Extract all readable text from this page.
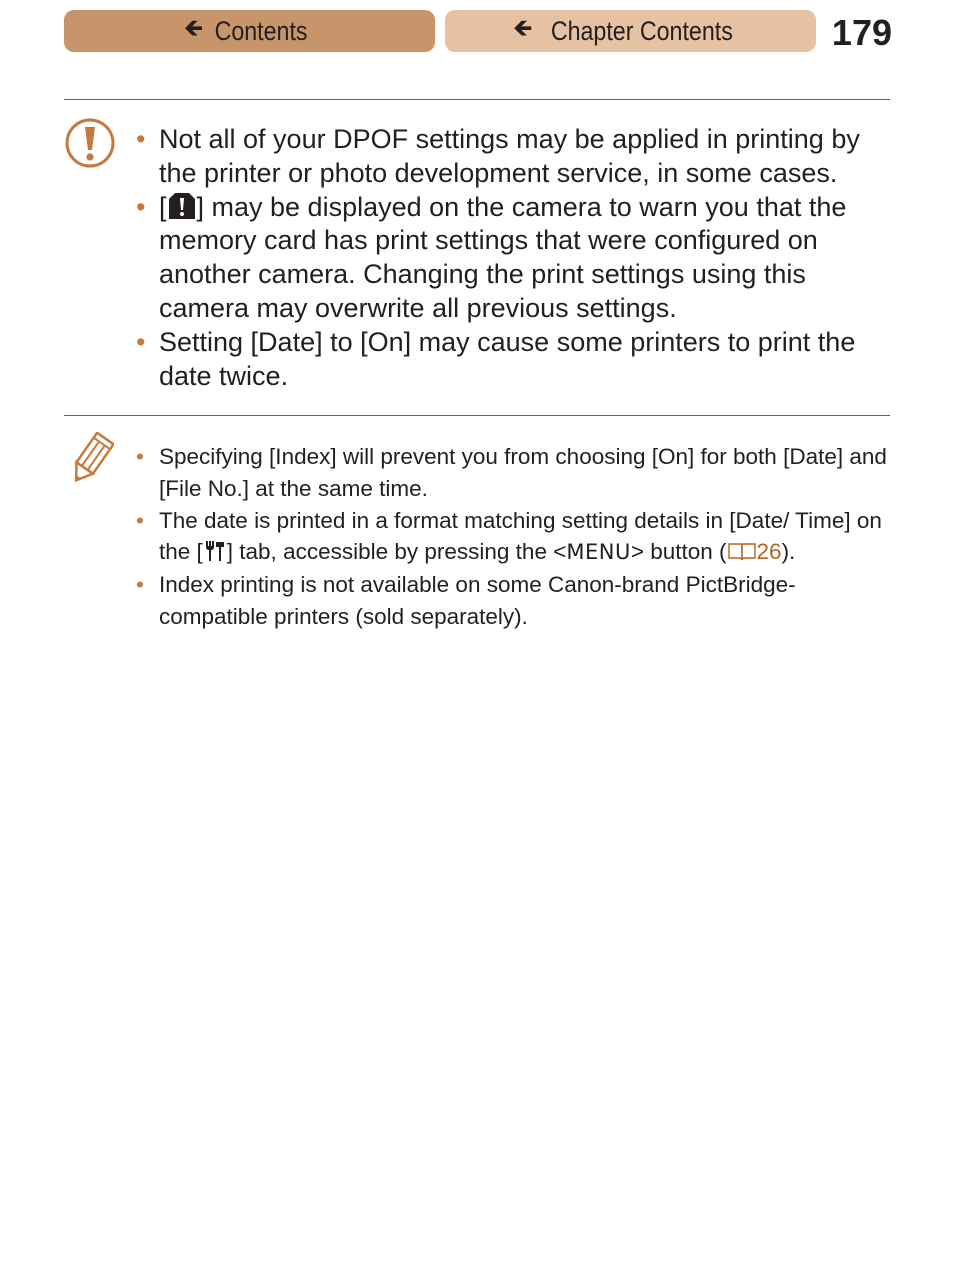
🡸 Contents	🡸 Chapter Contents	179
• Not all of your DPOF settings may be applied in printing by the printer or photo development service, in some cases.
• [ ] may be displayed on the camera to warn you that the memory card has print settings that were configured on another camera. Changing the print settings using this camera may overwrite all previous settings.
• Setting [Date] to [On] may cause some printers to print the date twice.
• Specifying [Index] will prevent you from choosing [On] for both [Date] and [File No.] at the same time.
• The date is printed in a format matching setting details in [Date/ Time] on the [ ] tab, accessible by pressing the <MENU> button ( 26).
• Index printing is not available on some Canon-brand PictBridge-compatible printers (sold separately).
